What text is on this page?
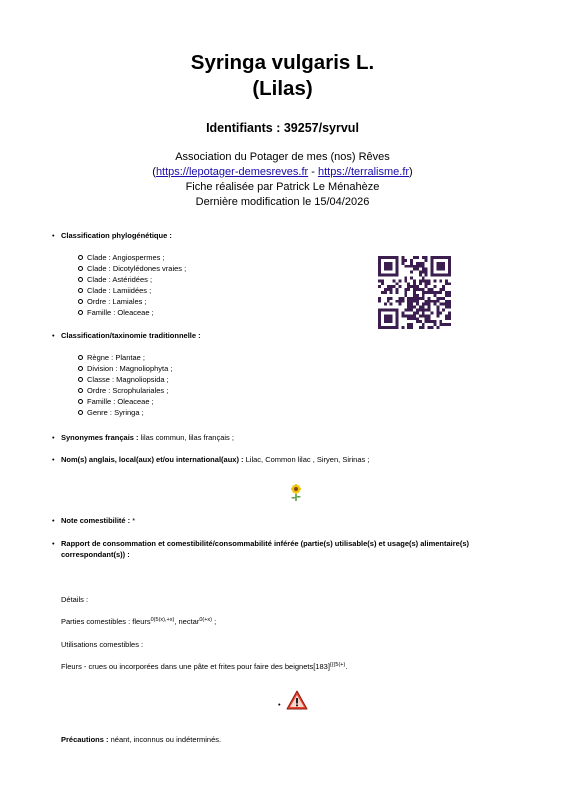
Syringa vulgaris L.
(Lilas)
Identifiants : 39257/syrvul
Association du Potager de mes (nos) Rêves
(https://lepotager-demesreves.fr - https://terralisme.fr)
Fiche réalisée par Patrick Le Ménahèze
Dernière modification le 15/04/2026
• Classification phylogénétique :
Clade : Angiospermes ;
Clade : Dicotylédones vraies ;
Clade : Astéridées ;
Clade : Lamiidées ;
Ordre : Lamiales ;
Famille : Oleaceae ;
• Classification/taxinomie traditionnelle :
Règne : Plantae ;
Division : Magnoliophyta ;
Classe : Magnoliopsida ;
Ordre : Scrophulariales ;
Famille : Oleaceae ;
Genre : Syringa ;
• Synonymes français : lilas commun, lilas français ;
• Nom(s) anglais, local(aux) et/ou international(aux) : Lilac, Common lilac , Siryen, Sirinas ;
• Note comestibilité : *
• Rapport de consommation et comestibilité/consommabilité inférée (partie(s) utilisable(s) et usage(s) alimentaire(s)
correspondant(s)) :
Détails :
Parties comestibles : fleurs$^{0(5(x),+x)}$, nectar$^{0(+x)}$ ;
Utilisations comestibles :
Fleurs - crues ou incorporées dans une pâte et frites pour faire des $beignets[183]^{\{\{\{5(+)}$.
•
Précautions : néant, inconnus ou indéterminés.
